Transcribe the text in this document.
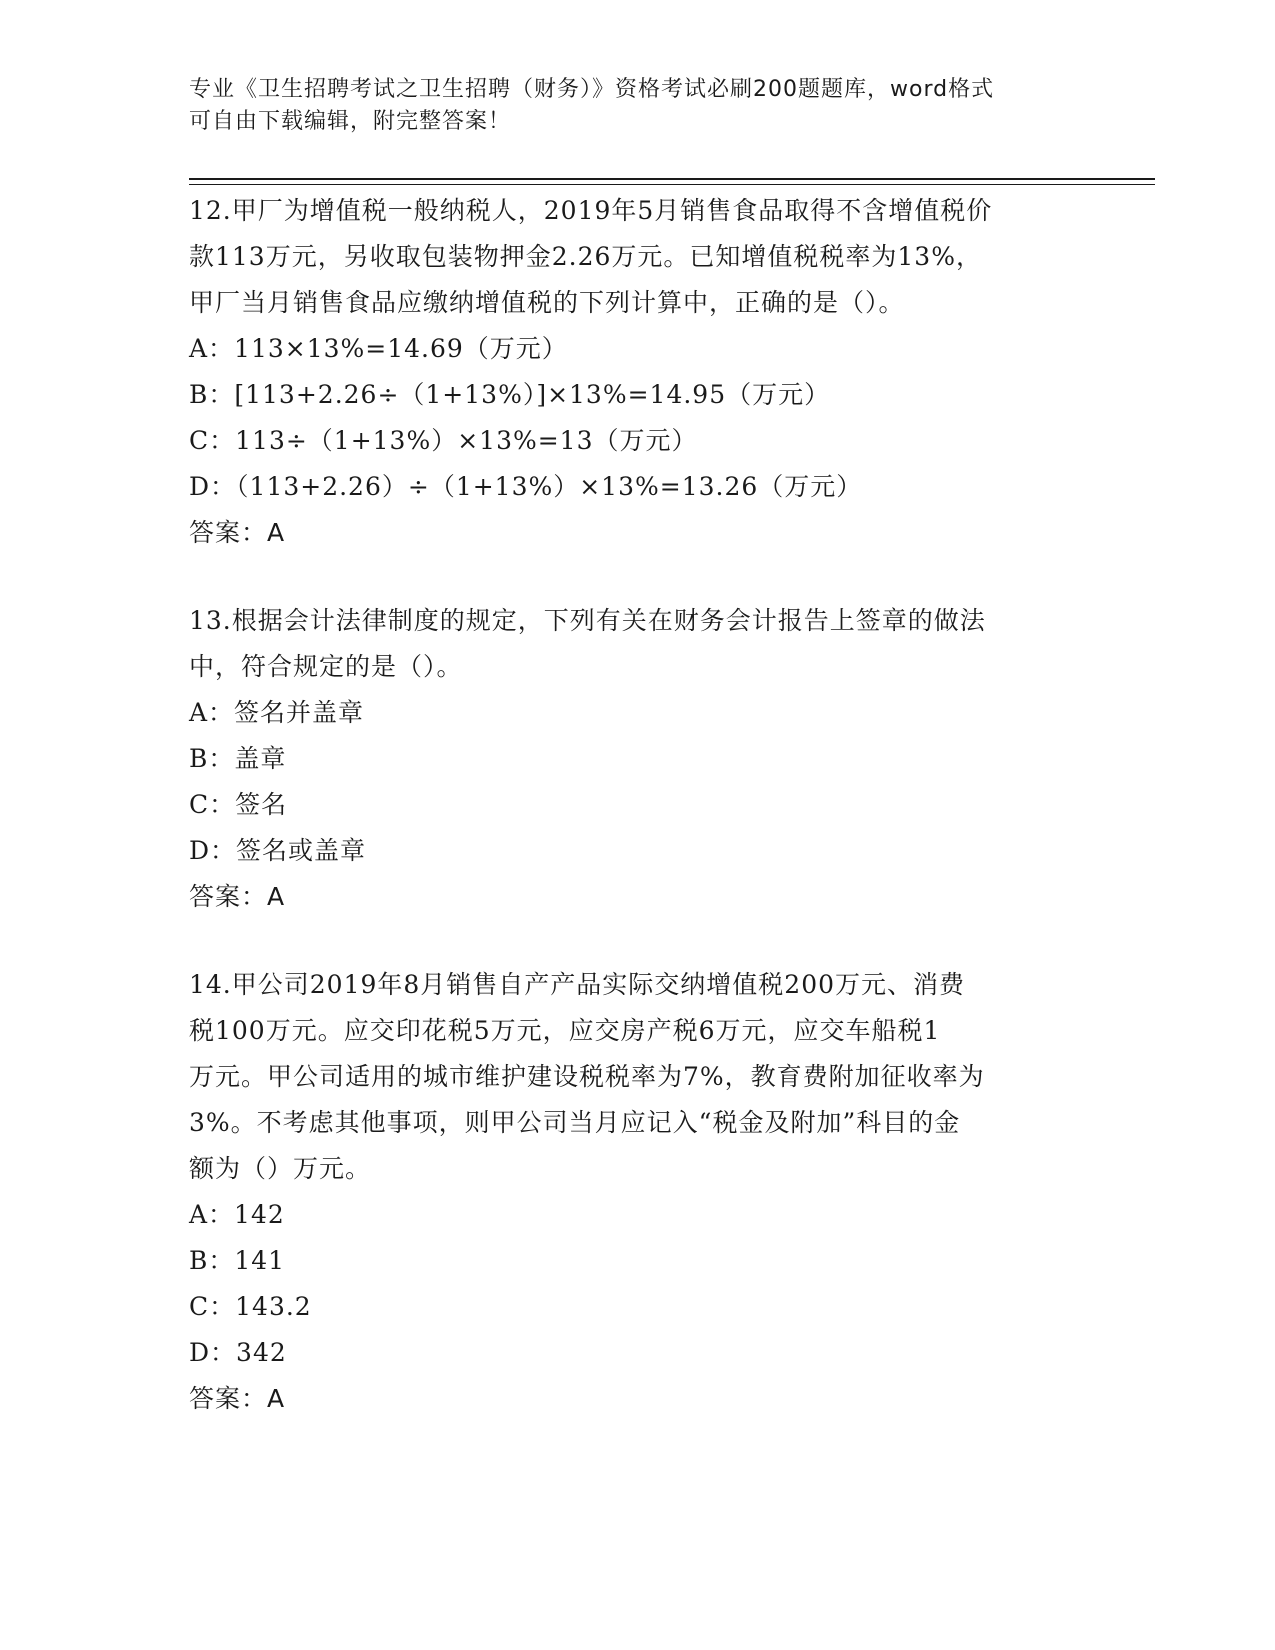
专业《卫生招聘考试之卫生招聘（财务）》资格考试必刷200题题库，word格式
可自由下载编辑，附完整答案！
12.甲厂为增值税一般纳税人，2019年5月销售食品取得不含增值税价
款113万元，另收取包装物押金2.26万元。已知增值税税率为13%，
甲厂当月销售食品应缴纳增值税的下列计算中，正确的是（）。
A：113×13%=14.69（万元）
B：[113+2.26÷（1+13%）]×13%=14.95（万元）
C：113÷（1+13%）×13%=13（万元）
D：（113+2.26）÷（1+13%）×13%=13.26（万元）
答案：A
13.根据会计法律制度的规定，下列有关在财务会计报告上签章的做法
中，符合规定的是（）。
A：签名并盖章
B：盖章
C：签名
D：签名或盖章
答案：A
14.甲公司2019年8月销售自产产品实际交纳增值税200万元、消费
税100万元。应交印花税5万元，应交房产税6万元，应交车船税1
万元。甲公司适用的城市维护建设税税率为7%，教育费附加征收率为
3%。不考虑其他事项，则甲公司当月应记入“税金及附加”科目的金
额为（）万元。
A：142
B：141
C：143.2
D：342
答案：A
